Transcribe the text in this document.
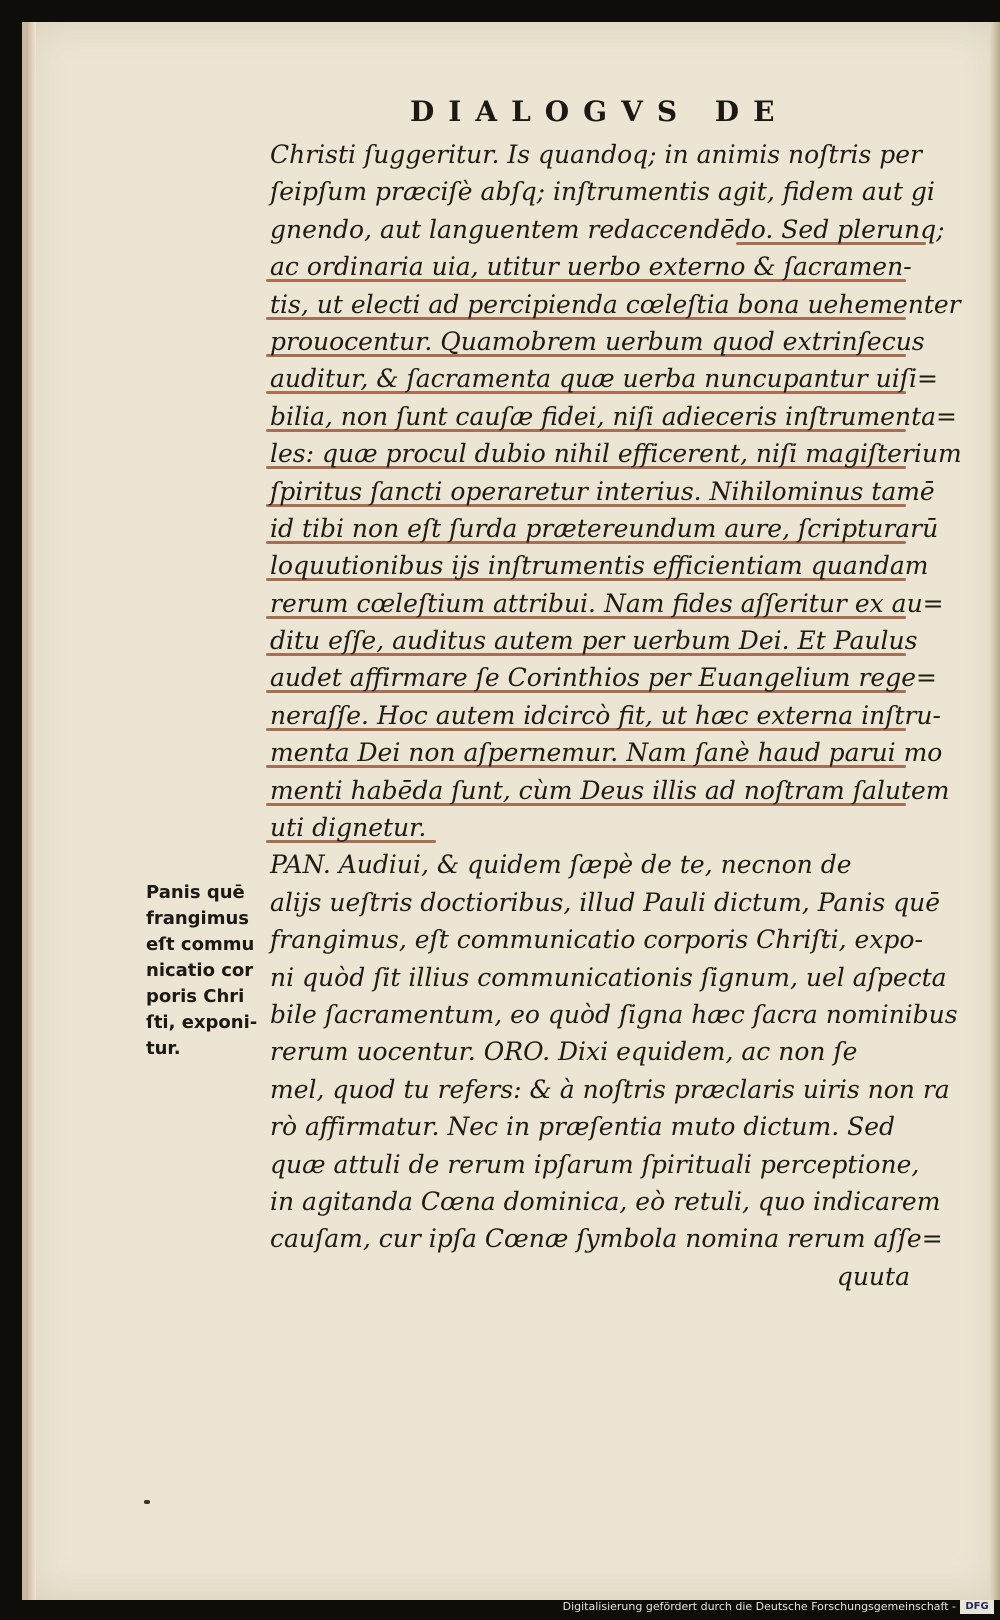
DIALOGVS DE
Christi ſuggeritur. Is quandoq; in animis noſtris per
ſeipſum præciſè abſq; inſtrumentis agit, fidem aut gi
gnendo, aut languentem redaccendēdo. Sed plerunq;
ac ordinaria uia, utitur uerbo externo & ſacramen-
tis, ut electi ad percipienda cœleſtia bona uehementer
prouocentur. Quamobrem uerbum quod extrinſecus
auditur, & ſacramenta quæ uerba nuncupantur uiſi=
bilia, non ſunt cauſæ fidei, niſi adieceris inſtrumenta=
les: quæ procul dubio nihil efficerent, niſi magiſterium
ſpiritus ſancti operaretur interius. Nihilominus tamē
id tibi non eſt ſurda prætereundum aure, ſcripturarū
loquutionibus ijs inſtrumentis efficientiam quandam
rerum cœleſtium attribui. Nam fides aſſeritur ex au=
ditu eſſe, auditus autem per uerbum Dei. Et Paulus
audet affirmare ſe Corinthios per Euangelium rege=
neraſſe. Hoc autem idcircò fit, ut hæc externa inſtru-
menta Dei non aſpernemur. Nam ſanè haud parui mo
menti habēda ſunt, cùm Deus illis ad noſtram ſalutem
uti dignetur.
PAN. Audiui, & quidem ſæpè de te, necnon de
alijs ueſtris doctioribus, illud Pauli dictum, Panis quē
frangimus, eſt communicatio corporis Chriſti, expo-
ni quòd ſit illius communicationis ſignum, uel aſpecta
bile ſacramentum, eo quòd ſigna hæc ſacra nominibus
rerum uocentur. ORO. Dixi equidem, ac non ſe
mel, quod tu refers: & à noſtris præclaris uiris non ra
rò affirmatur. Nec in præſentia muto dictum. Sed
quæ attuli de rerum ipſarum ſpirituali perceptione,
in agitanda Cœna dominica, eò retuli, quo indicarem
cauſam, cur ipſa Cœnæ ſymbola nomina rerum aſſe=
quuta
Panis quē
frangimus
eſt commu
nicatio cor
poris Chri
ſti, exponi-
tur.
Digitalisierung gefördert durch die Deutsche Forschungsgemeinschaft - DFG
